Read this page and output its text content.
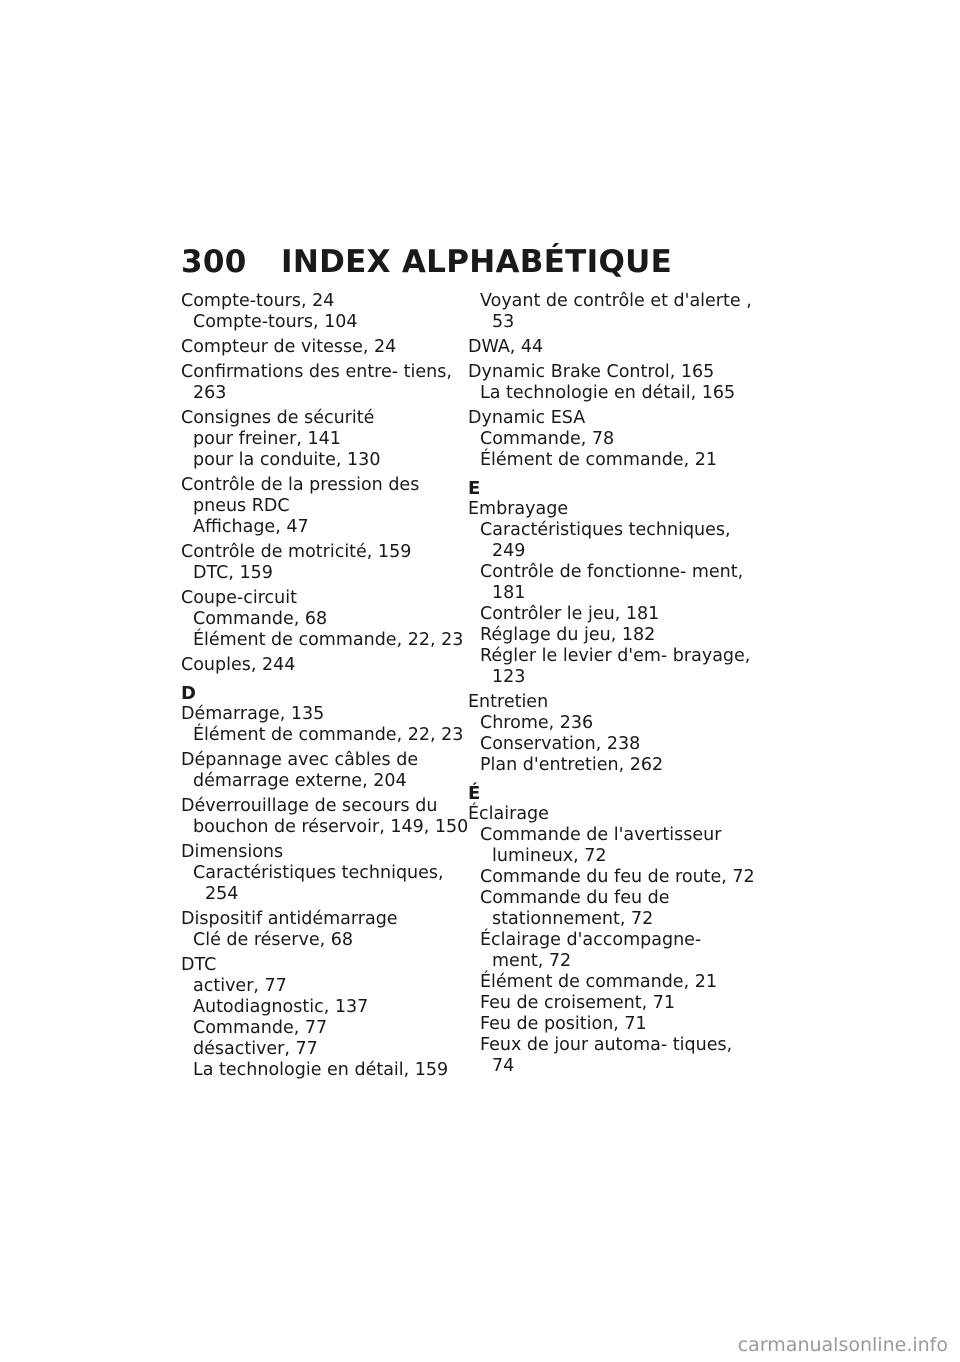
300 INDEX ALPHABÉTIQUE
Compte-tours, 24
Compte-tours, 104
Compteur de vitesse, 24
Confirmations des entre- tiens, 263
Consignes de sécurité
pour freiner, 141
pour la conduite, 130
Contrôle de la pression des pneus RDC
Affichage, 47
Contrôle de motricité, 159
DTC, 159
Coupe-circuit
Commande, 68
Élément de commande, 22, 23
Couples, 244
D
Démarrage, 135
Élément de commande, 22, 23
Dépannage avec câbles de démarrage externe, 204
Déverrouillage de secours du bouchon de réservoir, 149, 150
Dimensions
Caractéristiques techniques, 254
Dispositif antidémarrage
Clé de réserve, 68
DTC
activer, 77
Autodiagnostic, 137
Commande, 77
désactiver, 77
La technologie en détail, 159
Voyant de contrôle et d'alerte , 53
DWA, 44
Dynamic Brake Control, 165
La technologie en détail, 165
Dynamic ESA
Commande, 78
Élément de commande, 21
E
Embrayage
Caractéristiques techniques, 249
Contrôle de fonctionne- ment, 181
Contrôler le jeu, 181
Réglage du jeu, 182
Régler le levier d'em- brayage, 123
Entretien
Chrome, 236
Conservation, 238
Plan d'entretien, 262
É
Éclairage
Commande de l'avertisseur lumineux, 72
Commande du feu de route, 72
Commande du feu de stationnement, 72
Éclairage d'accompagne- ment, 72
Élément de commande, 21
Feu de croisement, 71
Feu de position, 71
Feux de jour automa- tiques, 74
carmanualsonline.info
